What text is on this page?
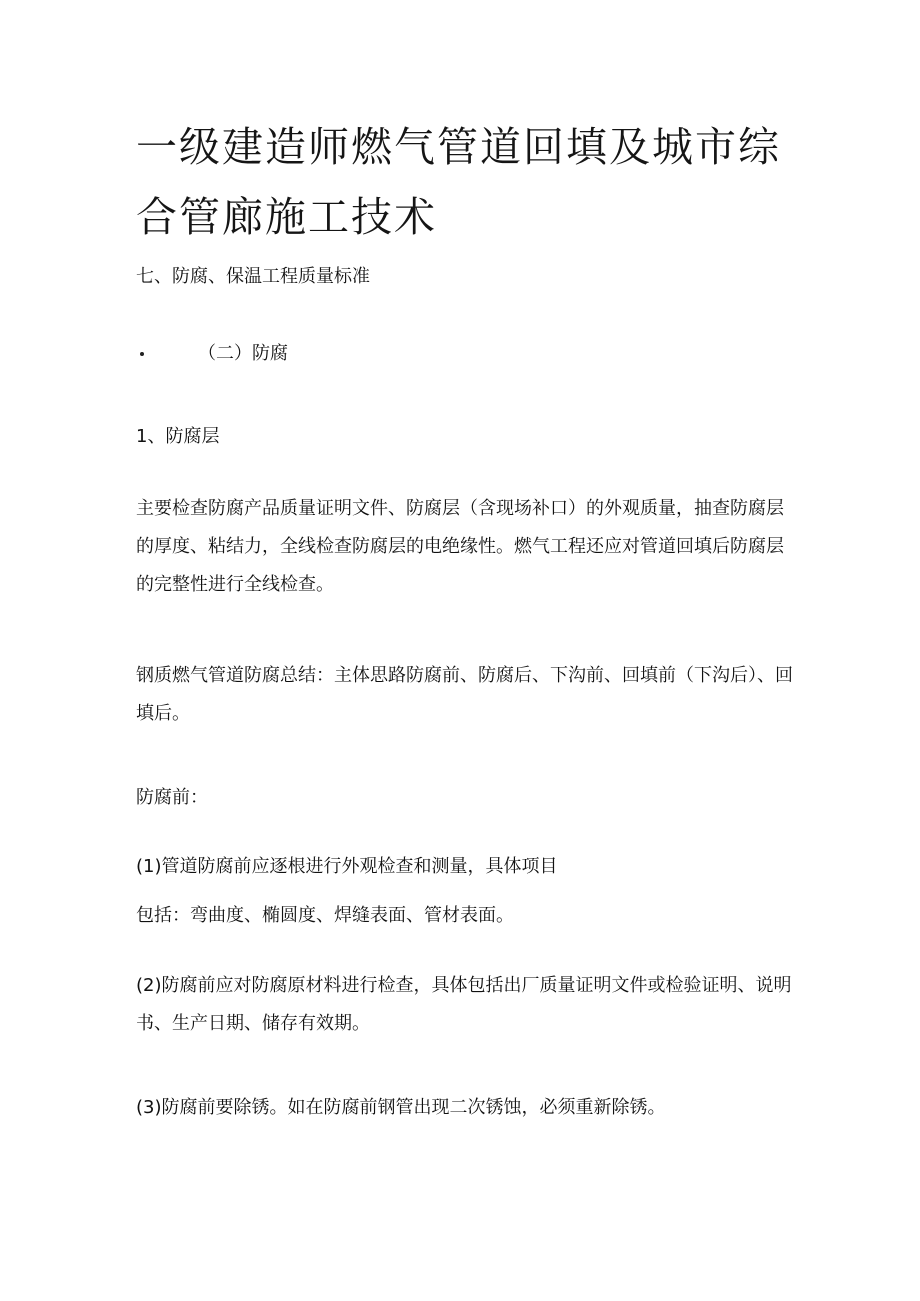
一级建造师燃气管道回填及城市综合管廊施工技术

七、防腐、保温工程质量标准

（二）防腐

1、防腐层

主要检查防腐产品质量证明文件、防腐层（含现场补口）的外观质量，抽查防腐层的厚度、粘结力，全线检查防腐层的电绝缘性。燃气工程还应对管道回填后防腐层的完整性进行全线检查。

钢质燃气管道防腐总结：主体思路防腐前、防腐后、下沟前、回填前（下沟后）、回填后。

防腐前：

(1)管道防腐前应逐根进行外观检查和测量，具体项目

包括：弯曲度、椭圆度、焊缝表面、管材表面。

(2)防腐前应对防腐原材料进行检查，具体包括出厂质量证明文件或检验证明、说明书、生产日期、储存有效期。

(3)防腐前要除锈。如在防腐前钢管出现二次锈蚀，必须重新除锈。
